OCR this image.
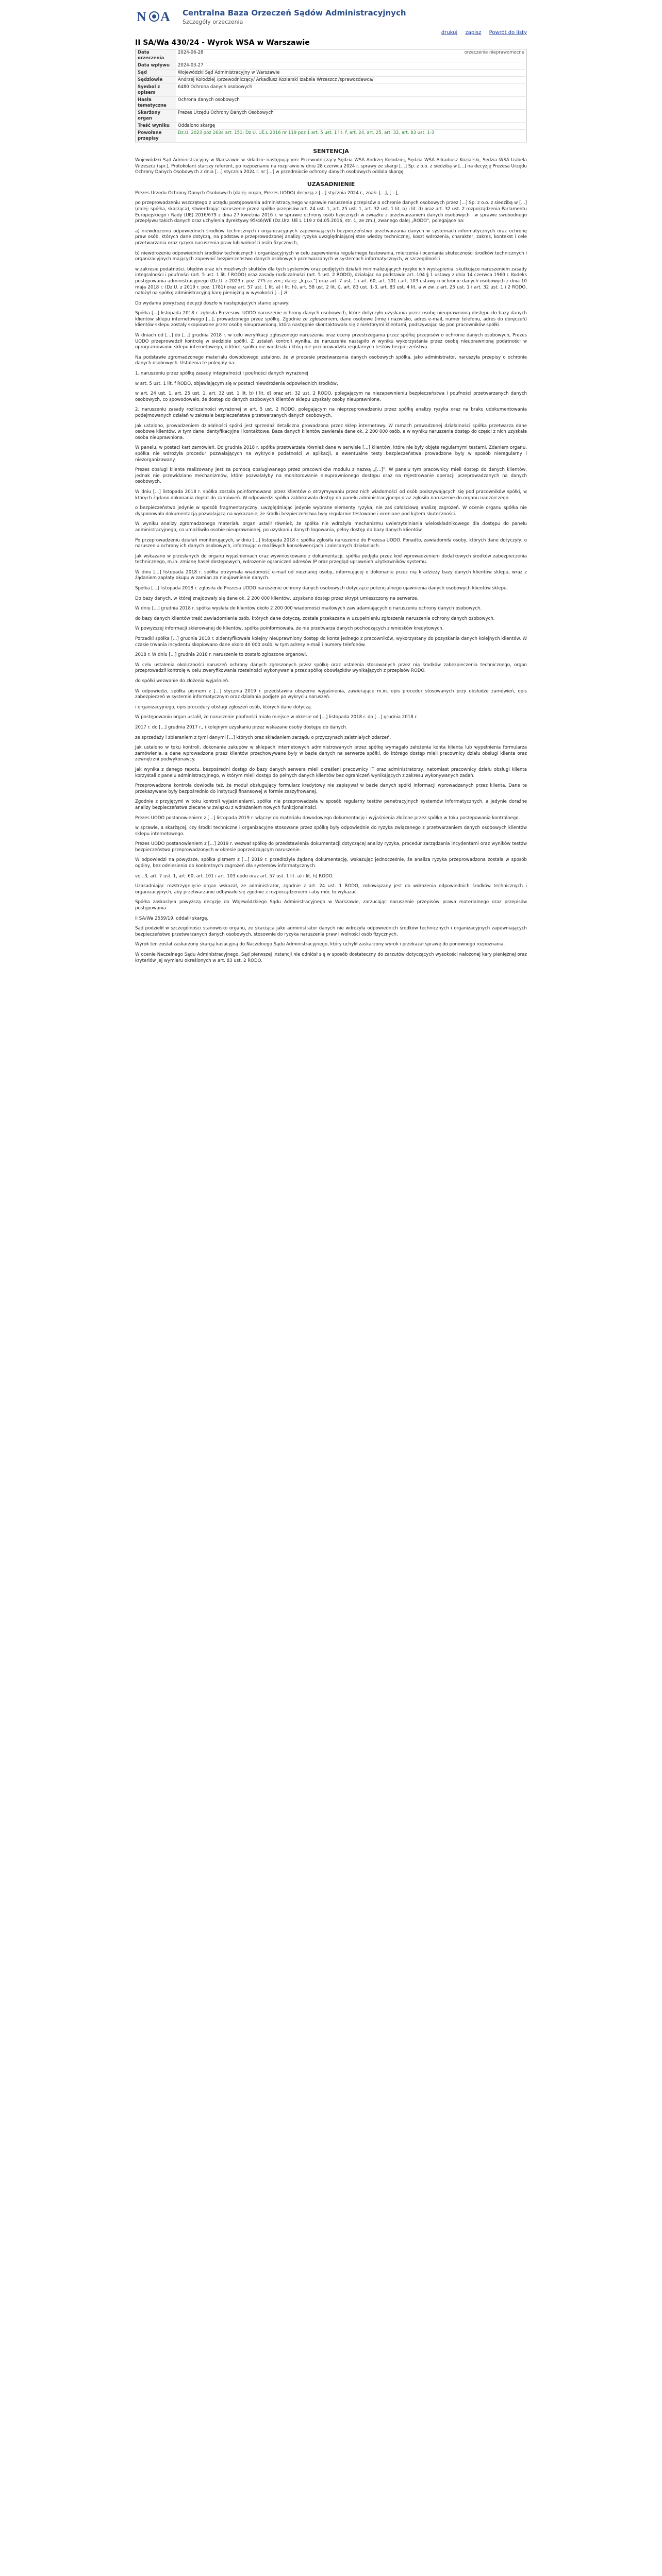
N A Centralna Baza Orzeczeń Sądów Administracyjnych
Szczegóły orzeczenia
drukuj zapisz Powrót do listy
II SA/Wa 430/24 - Wyrok WSA w Warszawie
Data orzeczenia	2024-06-28	orzeczenie nieprawomocne
Data wpływu	2024-03-27	
Sąd	Wojewódzki Sąd Administracyjny w Warszawie	
Sędziowie	Andrzej Kołodziej /przewodniczący/ Arkadiusz Koziarski Izabela Wrzeszcz /sprawozdawca/	
Symbol z opisem	6480 Ochrona danych osobowych	
Hasła tematyczne	Ochrona danych osobowych	
Skarżony organ	Prezes Urzędu Ochrony Danych Osobowych	
Treść wyniku	Oddalono skargę	
Powołane przepisy	Dz.U. 2023 poz 1634 art. 151; Dz.U. UE.L 2016 nr 119 poz 1 art. 5 ust. 1 lit. f, art. 24, art. 25, art. 32, art. 83 ust. 1-3	
SENTENCJA

Wojewódzki Sąd Administracyjny w Warszawie w składzie następującym: Przewodniczący Sędzia WSA Andrzej Kołodziej, Sędzia WSA Arkadiusz Koziarski, Sędzia WSA Izabela Wrzeszcz (spr.), Protokolant starszy referent, po rozpoznaniu na rozprawie w dniu 28 czerwca 2024 r. sprawy ze skargi [...] Sp. z o.o. z siedzibą w [...] na decyzję Prezesa Urzędu Ochrony Danych Osobowych z dnia [...] stycznia 2024 r. nr [...] w przedmiocie ochrony danych osobowych oddala skargę

UZASADNIENIE

Prezes Urzędu Ochrony Danych Osobowych (dalej: organ, Prezes UODO) decyzją z [...] stycznia 2024 r., znak: [...], [...],

po przeprowadzeniu wszczętego z urzędu postępowania administracyjnego w sprawie naruszenia przepisów o ochronie danych osobowych przez [...] Sp. z o.o. z siedzibą w [...] (dalej: spółka, skarżąca), stwierdzając naruszenie przez spółkę przepisów art. 24 ust. 1, art. 25 ust. 1, art. 32 ust. 1 lit. b) i lit. d) oraz art. 32 ust. 2 rozporządzenia Parlamentu Europejskiego i Rady (UE) 2016/679 z dnia 27 kwietnia 2016 r. w sprawie ochrony osób fizycznych w związku z przetwarzaniem danych osobowych i w sprawie swobodnego przepływu takich danych oraz uchylenia dyrektywy 95/46/WE (Dz.Urz. UE L 119 z 04.05.2016, str. 1, ze zm.), zwanego dalej „RODO”, polegające na:

a) niewdrożeniu odpowiednich środków technicznych i organizacyjnych zapewniających bezpieczeństwo przetwarzania danych w systemach informatycznych oraz ochronę praw osób, których dane dotyczą, na podstawie przeprowadzonej analizy ryzyka uwzględniającej stan wiedzy technicznej, koszt wdrożenia, charakter, zakres, kontekst i cele przetwarzania oraz ryzyko naruszenia praw lub wolności osób fizycznych,

b) niewdrożeniu odpowiednich środków technicznych i organizacyjnych w celu zapewnienia regularnego testowania, mierzenia i oceniania skuteczności środków technicznych i organizacyjnych mających zapewnić bezpieczeństwo danych osobowych przetwarzanych w systemach informatycznych, w szczególności

w zakresie podatności, błędów oraz ich możliwych skutków dla tych systemów oraz podjętych działań minimalizujących ryzyko ich wystąpienia, skutkujące naruszeniem zasady integralności i poufności (art. 5 ust. 1 lit. f RODO) oraz zasady rozliczalności (art. 5 ust. 2 RODO), działając na podstawie art. 104 § 1 ustawy z dnia 14 czerwca 1960 r. Kodeks postępowania administracyjnego (Dz.U. z 2023 r. poz. 775 ze zm.; dalej: „k.p.a.”) oraz art. 7 ust. 1 i art. 60, art. 101 i art. 103 ustawy o ochronie danych osobowych z dnia 10 maja 2018 r. (Dz.U. z 2019 r. poz. 1781) oraz art. 57 ust. 1 lit. a) i lit. h), art. 58 ust. 2 lit. i), art. 83 ust. 1-3, art. 83 ust. 4 lit. a w zw. z art. 25 ust. 1 i art. 32 ust. 1 i 2 RODO, nałożył na spółkę administracyjną karę pieniężną w wysokości [...] zł.

Do wydania powyższej decyzji doszło w następujących stanie sprawy:

Spółka [...] listopada 2018 r. zgłosiła Prezesowi UODO naruszenie ochrony danych osobowych, które dotyczyło uzyskania przez osobę nieuprawnioną dostępu do bazy danych klientów sklepu internetowego [...], prowadzonego przez spółkę. Zgodnie ze zgłoszeniem, dane osobowe (imię i nazwisko, adres e-mail, numer telefonu, adres do doręczeń) klientów sklepu zostały skopiowane przez osobę nieuprawnioną, która następnie skontaktowała się z niektórymi klientami, podszywając się pod pracowników spółki.

W dniach od [...] do [...] grudnia 2018 r. w celu weryfikacji zgłoszonego naruszenia oraz oceny przestrzegania przez spółkę przepisów o ochronie danych osobowych, Prezes UODO przeprowadził kontrolę w siedzibie spółki. Z ustaleń kontroli wynika, że naruszenie nastąpiło w wyniku wykorzystania przez osobę nieuprawnioną podatności w oprogramowaniu sklepu internetowego, o której spółka nie wiedziała i którą nie przeprowadziła regularnych testów bezpieczeństwa.

Na podstawie zgromadzonego materiału dowodowego ustalono, że w procesie przetwarzania danych osobowych spółka, jako administrator, naruszyła przepisy o ochronie danych osobowych. Ustalenia te polegały na:

1. naruszeniu przez spółkę zasady integralności i poufności danych wyrażonej

w art. 5 ust. 1 lit. f RODO, objawiającym się w postaci niewdrożenia odpowiednich środków,

w art. 24 ust. 1, art. 25 ust. 1, art. 32 ust. 1 lit. b) i lit. d) oraz art. 32 ust. 2 RODO, polegającym na niezapewnieniu bezpieczeństwa i poufności przetwarzanych danych osobowych, co spowodowało, że dostęp do danych osobowych klientów sklepu uzyskały osoby nieuprawnione,

2. naruszeniu zasady rozliczalności wyrażonej w art. 5 ust. 2 RODO, polegającym na nieprzeprowadzeniu przez spółkę analizy ryzyka oraz na braku udokumentowania podejmowanych działań w zakresie bezpieczeństwa przetwarzanych danych osobowych.

Jak ustalono, prowadzeniem działalności spółki jest sprzedaż detaliczna prowadzona przez sklep internetowy. W ramach prowadzonej działalności spółka przetwarza dane osobowe klientów, w tym dane identyfikacyjne i kontaktowe. Baza danych klientów zawierała dane ok. 2 200 000 osób, a w wyniku naruszenia dostęp do części z nich uzyskała osoba nieuprawniona.

W panelu, w postaci kart zamówień. Do grudnia 2018 r. spółka przetwarzała również dane w serwisie [...] klientów, które nie były objęte regularnymi testami. Zdaniem organu, spółka nie wdrożyła procedur pozwalających na wykrycie podatności w aplikacji, a ewentualne testy bezpieczeństwa prowadzone były w sposób nieregularny i niezorganizowany.

Prezes obsługi klienta realizowany jest za pomocą obsługiwanego przez pracowników modułu z nazwą „[...]”. W panelu tym pracownicy mieli dostęp do danych klientów, jednak nie przewidziano mechanizmów, które pozwalałyby na monitorowanie nieuprawnionego dostępu oraz na rejestrowanie operacji przeprowadzanych na danych osobowych.

W dniu [...] listopada 2018 r. spółka została poinformowana przez klientów o otrzymywaniu przez nich wiadomości od osób podszywających się pod pracowników spółki, w których żądano dokonania dopłat do zamówień. W odpowiedzi spółka zablokowała dostęp do panelu administracyjnego oraz zgłosiła naruszenie do organu nadzorczego.

o bezpieczeństwo jedynie w sposób fragmentaryczny, uwzględniając jedynie wybrane elementy ryzyka, nie zaś całościową analizę zagrożeń. W ocenie organu spółka nie dysponowała dokumentacją pozwalającą na wykazanie, że środki bezpieczeństwa były regularnie testowane i oceniane pod kątem skuteczności.

W wyniku analizy zgromadzonego materiału organ ustalił również, że spółka nie wdrożyła mechanizmu uwierzytelniania wieloskładnikowego dla dostępu do panelu administracyjnego, co umożliwiło osobie nieuprawnionej, po uzyskaniu danych logowania, pełny dostęp do bazy danych klientów.

Po przeprowadzeniu działań monitorujących, w dniu [...] listopada 2018 r. spółka zgłosiła naruszenie do Prezesa UODO. Ponadto, zawiadomiła osoby, których dane dotyczyły, o naruszeniu ochrony ich danych osobowych, informując o możliwych konsekwencjach i zalecanych działaniach.

Jak wskazano w przesłanych do organu wyjaśnieniach oraz wywnioskowano z dokumentacji, spółka podjęła przez kod wprowadzeniem dodatkowych środków zabezpieczenia technicznego, m.in. zmianę haseł dostępowych, wdrożenie ograniczeń adresów IP oraz przegląd uprawnień użytkowników systemu.

W dniu [...] listopada 2018 r. spółka otrzymała wiadomość e-mail od nieznanej osoby, informującej o dokonaniu przez nią kradzieży bazy danych klientów sklepu, wraz z żądaniem zapłaty okupu w zamian za nieujawnienie danych.

Spółka [...] listopada 2018 r. zgłosiła do Prezesa UODO naruszenie ochrony danych osobowych dotyczące potencjalnego ujawnienia danych osobowych klientów sklepu.

Do bazy danych, w której znajdowały się dane ok. 2 200 000 klientów, uzyskano dostęp przez skrypt umieszczony na serwerze.

W dniu [...] grudnia 2018 r. spółka wysłała do klientów około 2 200 000 wiadomości mailowych zawiadamiających o naruszeniu ochrony danych osobowych.

do bazy danych klientów treść zawiadomienia osób, których dane dotyczą, została przekazana w uzupełnieniu zgłoszenia naruszenia ochrony danych osobowych.

W powyższej informacji skierowanej do klientów, spółka poinformowała, że nie przetwarza danych pochodzących z wniosków kredytowych.

Porzadki spółka [...] grudnia 2018 r. zidentyfikowała kolejny nieuprawniony dostęp do konta jednego z pracowników, wykorzystany do pozyskania danych kolejnych klientów. W czasie trwania incydentu skopiowano dane około 40 000 osób, w tym adresy e-mail i numery telefonów.

2018 r. W dniu [...] grudnia 2018 r. naruszenie to zostało zgłoszone organowi.

W celu ustalenia okoliczności naruszeń ochrony danych zgłoszonych przez spółkę oraz ustalenia stosowanych przez nią środków zabezpieczenia technicznego, organ przeprowadził kontrolę w celu zweryfikowania rzetelności wykonywania przez spółkę obowiązków wynikających z przepisów RODO.

do spółki wezwanie do złożenia wyjaśnień.

W odpowiedzi, spółka pismem z [...] stycznia 2019 r. przedstawiła obszerne wyjaśnienia, zawierające m.in. opis procedur stosowanych przy obsłudze zamówień, opis zabezpieczeń w systemie informatycznym oraz działania podjęte po wykryciu naruszeń.

i organizacyjnego, opis procedury obsługi zgłoszeń osób, których dane dotyczą.

W postępowaniu organ ustalił, że naruszenie poufności miało miejsce w okresie od [...] listopada 2018 r. do [...] grudnia 2018 r.

2017 r. do [...] grudnia 2017 r., i kolejnym uzyskaniu przez wskazane osoby dostępu do danych.

ze sprzedaży i zbieraniem z tymi danymi [...] których oraz składaniem zarządu o przyczynach zaistniałych zdarzeń.

Jak ustalono w toku kontroli, dokonanie zakupów w sklepach internetowych administrowanych przez spółkę wymagało założenia konta klienta lub wypełnienia formularza zamówienia, a dane wprowadzone przez klientów przechowywane były w bazie danych na serwerze spółki, do którego dostęp mieli pracownicy działu obsługi klienta oraz zewnętrzni podwykonawcy.

Jak wynika z danego rapotu, bezpośredni dostęp do bazy danych serwera mieli określeni pracownicy IT oraz administratorzy, natomiast pracownicy działu obsługi klienta korzystali z panelu administracyjnego, w którym mieli dostęp do pełnych danych klientów bez ograniczeń wynikających z zakresu wykonywanych zadań.

Przeprowadzona kontrola dowiodła też, że moduł obsługujący formularz kredytowy nie zapisywał w bazie danych spółki informacji wprowadzanych przez klienta. Dane te przekazywane były bezpośrednio do instytucji finansowej w formie zaszyfrowanej.

Zgodnie z przyjętymi w toku kontroli wyjaśnieniami, spółka nie przeprowadzała w sposób regularny testów penetracyjnych systemów informatycznych, a jedynie doraźne analizy bezpieczeństwa zlecane w związku z wdrażaniem nowych funkcjonalności.

Prezes UODO postanowieniem z [...] listopada 2019 r. włączył do materiału dowodowego dokumentację i wyjaśnienia złożone przez spółkę w toku postępowania kontrolnego.

w sprawie, a skarżącej, czy środki techniczne i organizacyjne stosowane przez spółkę były odpowiednie do ryzyka związanego z przetwarzaniem danych osobowych klientów sklepu internetowego.

Prezes UODO postanowieniem z [...] 2019 r. wezwał spółkę do przedstawienia dokumentacji dotyczącej analizy ryzyka, procedur zarządzania incydentami oraz wyników testów bezpieczeństwa przeprowadzonych w okresie poprzedzającym naruszenie.

W odpowiedzi na powyższe, spółka pismem z [...] 2019 r. przedłożyła żądaną dokumentację, wskazując jednocześnie, że analiza ryzyka przeprowadzona została w sposób ogólny, bez odniesienia do konkretnych zagrożeń dla systemów informatycznych.

vol. 3, art. 7 ust. 1, art. 60, art. 101 i art. 103 uodo oraz art. 57 ust. 1 lit. a) i lit. h) RODO.

Uzasadniając rozstrzygnięcie organ wskazał, że administrator, zgodnie z art. 24 ust. 1 RODO, zobowiązany jest do wdrożenia odpowiednich środków technicznych i organizacyjnych, aby przetwarzanie odbywało się zgodnie z rozporządzeniem i aby móc to wykazać.

Spółka zaskarżyła powyższą decyzję do Wojewódzkiego Sądu Administracyjnego w Warszawie, zarzucając naruszenie przepisów prawa materialnego oraz przepisów postępowania.

II SA/Wa 2559/19, oddalił skargę.

Sąd podzielił w szczególności stanowisko organu, że skarżąca jako administrator danych nie wdrożyła odpowiednich środków technicznych i organizacyjnych zapewniających bezpieczeństwo przetwarzanych danych osobowych, stosownie do ryzyka naruszenia praw i wolności osób fizycznych.

Wyrok ten został zaskarżony skargą kasacyjną do Naczelnego Sądu Administracyjnego, który uchylił zaskarżony wyrok i przekazał sprawę do ponownego rozpoznania.

W ocenie Naczelnego Sądu Administracyjnego, Sąd pierwszej instancji nie odniósł się w sposób dostateczny do zarzutów dotyczących wysokości nałożonej kary pieniężnej oraz kryteriów jej wymiaru określonych w art. 83 ust. 2 RODO.
